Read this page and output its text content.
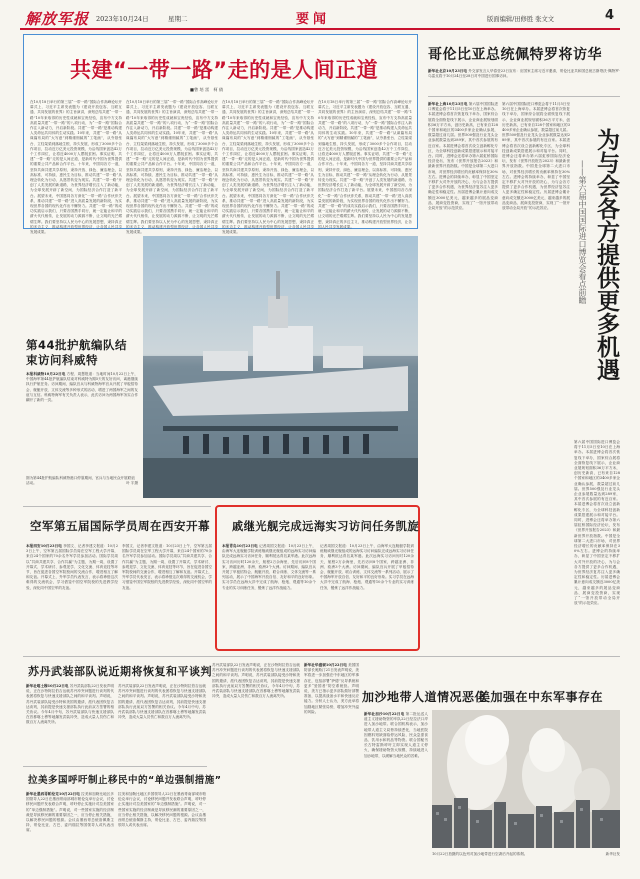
解放军报 2023年10月24日	星期二	要闻	版面编辑/田修胜 张文文	4
共建“一带一路”走的是人间正道
■曾 培 雷　柯 倩
在10月18日举行的第三届“一带一路”国际合作高峰论坛开幕式上，习近平主席发表题为《建设开放包容、互联互通、共同发展的世界》的主旨演讲，深刻总结共建“一带一路”10年来取得的历史性成就和宝贵经验，宣布中方支持高质量共建“一带一路”的八项行动，为“一带一路”国际合作注入新动力，开启新阶段。共建“一带一路”是推动构建人类命运共同体的生动实践。10年来，共建“一带一路”从谋篇布局的“大写意”到精谨细腻的“工笔画”，从夯基垒台、立柱架梁到落地生根、持久发展，形成了3000多个合作项目，拉动近万亿美元投资规模，为沿线国家创造42万个工作岗位，让将近4000万人摆脱贫困。事实证明，共建“一带一路”走的是人间正道，是新时代中国为世界提供的重要公共产品和合作平台。十年来，中国同各方一道，坚持共商共建共享原则，秉持开放、绿色、廉洁理念，以高标准、可持续、惠民生为目标，推动共建“一带一路”从理念转化为行动、从愿景转变为现实。共建“一带一路”开创了人类发展的新道路，为世界经济增长注入了新动能，为全球发展开辟了新空间，为国际经济合作打造了新平台。展望未来，中国愿同各方深化“一带一路”合作伙伴关系，推动共建“一带一路”进入高质量发展的新阶段，为实现世界各国的现代化作出不懈努力。共建“一带一路”的成功实践启示我们，只要各国携手同行，就一定能让和平的薪火代代相传，让发展的动力源源不断，让文明的光芒熠熠生辉。我们要坚持以人民为中心的发展思想，秉持真正的多边主义，推动构建开放型世界经济，让各国人民共享发展成果。
在10月18日举行的第三届“一带一路”国际合作高峰论坛开幕式上，习近平主席发表题为《建设开放包容、互联互通、共同发展的世界》的主旨演讲，深刻总结共建“一带一路”10年来取得的历史性成就和宝贵经验，宣布中方支持高质量共建“一带一路”的八项行动，为“一带一路”国际合作注入新动力，开启新阶段。共建“一带一路”是推动构建人类命运共同体的生动实践。10年来，共建“一带一路”从谋篇布局的“大写意”到精谨细腻的“工笔画”，从夯基垒台、立柱架梁到落地生根、持久发展，形成了3000多个合作项目，拉动近万亿美元投资规模，为沿线国家创造42万个工作岗位，让将近4000万人摆脱贫困。事实证明，共建“一带一路”走的是人间正道，是新时代中国为世界提供的重要公共产品和合作平台。十年来，中国同各方一道，坚持共商共建共享原则，秉持开放、绿色、廉洁理念，以高标准、可持续、惠民生为目标，推动共建“一带一路”从理念转化为行动、从愿景转变为现实。共建“一带一路”开创了人类发展的新道路，为世界经济增长注入了新动能，为全球发展开辟了新空间，为国际经济合作打造了新平台。展望未来，中国愿同各方深化“一带一路”合作伙伴关系，推动共建“一带一路”进入高质量发展的新阶段，为实现世界各国的现代化作出不懈努力。共建“一带一路”的成功实践启示我们，只要各国携手同行，就一定能让和平的薪火代代相传，让发展的动力源源不断，让文明的光芒熠熠生辉。我们要坚持以人民为中心的发展思想，秉持真正的多边主义，推动构建开放型世界经济，让各国人民共享发展成果。
在10月18日举行的第三届“一带一路”国际合作高峰论坛开幕式上，习近平主席发表题为《建设开放包容、互联互通、共同发展的世界》的主旨演讲，深刻总结共建“一带一路”10年来取得的历史性成就和宝贵经验，宣布中方支持高质量共建“一带一路”的八项行动，为“一带一路”国际合作注入新动力，开启新阶段。共建“一带一路”是推动构建人类命运共同体的生动实践。10年来，共建“一带一路”从谋篇布局的“大写意”到精谨细腻的“工笔画”，从夯基垒台、立柱架梁到落地生根、持久发展，形成了3000多个合作项目，拉动近万亿美元投资规模，为沿线国家创造42万个工作岗位，让将近4000万人摆脱贫困。事实证明，共建“一带一路”走的是人间正道，是新时代中国为世界提供的重要公共产品和合作平台。十年来，中国同各方一道，坚持共商共建共享原则，秉持开放、绿色、廉洁理念，以高标准、可持续、惠民生为目标，推动共建“一带一路”从理念转化为行动、从愿景转变为现实。共建“一带一路”开创了人类发展的新道路，为世界经济增长注入了新动能，为全球发展开辟了新空间，为国际经济合作打造了新平台。展望未来，中国愿同各方深化“一带一路”合作伙伴关系，推动共建“一带一路”进入高质量发展的新阶段，为实现世界各国的现代化作出不懈努力。共建“一带一路”的成功实践启示我们，只要各国携手同行，就一定能让和平的薪火代代相传，让发展的动力源源不断，让文明的光芒熠熠生辉。我们要坚持以人民为中心的发展思想，秉持真正的多边主义，推动构建开放型世界经济，让各国人民共享发展成果。
在10月18日举行的第三届“一带一路”国际合作高峰论坛开幕式上，习近平主席发表题为《建设开放包容、互联互通、共同发展的世界》的主旨演讲，深刻总结共建“一带一路”10年来取得的历史性成就和宝贵经验，宣布中方支持高质量共建“一带一路”的八项行动，为“一带一路”国际合作注入新动力，开启新阶段。共建“一带一路”是推动构建人类命运共同体的生动实践。10年来，共建“一带一路”从谋篇布局的“大写意”到精谨细腻的“工笔画”，从夯基垒台、立柱架梁到落地生根、持久发展，形成了3000多个合作项目，拉动近万亿美元投资规模，为沿线国家创造42万个工作岗位，让将近4000万人摆脱贫困。事实证明，共建“一带一路”走的是人间正道，是新时代中国为世界提供的重要公共产品和合作平台。十年来，中国同各方一道，坚持共商共建共享原则，秉持开放、绿色、廉洁理念，以高标准、可持续、惠民生为目标，推动共建“一带一路”从理念转化为行动、从愿景转变为现实。共建“一带一路”开创了人类发展的新道路，为世界经济增长注入了新动能，为全球发展开辟了新空间，为国际经济合作打造了新平台。展望未来，中国愿同各方深化“一带一路”合作伙伴关系，推动共建“一带一路”进入高质量发展的新阶段，为实现世界各国的现代化作出不懈努力。共建“一带一路”的成功实践启示我们，只要各国携手同行，就一定能让和平的薪火代代相传，让发展的动力源源不断，让文明的光芒熠熠生辉。我们要坚持以人民为中心的发展思想，秉持真正的多边主义，推动构建开放型世界经济，让各国人民共享发展成果。
哥伦比亚总统佩特罗将访华
新华社北京10月23日电 外交部发言人华春莹23日宣布：应国家主席习近平邀请，哥伦比亚共和国总统古斯塔沃·佩特罗·乌雷戈将于10月24日至28日对中国进行国事访问。
为与会各方提供更多机遇
——第六届中国国际进口博览会看点前瞻
新华社上海10月23日电 第六届中国国际进口博览会将于11月5日至10日在上海举办。本届进博会将首次恢复线下举办，国家综合展将全面恢复线下展示，企业商业展规划面积36万平方米，创历史新高，已有来自128个国家和地区的3400多家企业确认参展，数量超过前几届。世界500强及行业龙头企业参展数量达到289家，其中首次参展的有近百家。本届进博会将首次设立创新孵化专区，为全球科技创新成果搭建展示和对接平台。同时，进博会还将举办第六届虹桥国际经济论坛，发布《世界开放报告2023》和最新世界开放指数。中国是全球第二大进口市场，对世界经济增长的贡献率保持在30%左右。进博会的持续举办，彰显了中国坚定不移扩大对外开放的决心，为与会各方提供了更多合作机遇，为世界经济复苏注入更多确定性和稳定性。历届进博会累计意向成交额近3000亿美元，越来越多的展品变商品、展商变投资商，实现了“一馆开放带动全局开放”的示范效应。
第六届中国国际进口博览会将于11月5日至10日在上海举办。本届进博会将首次恢复线下举办，国家综合展将全面恢复线下展示，企业商业展规划面积36万平方米，创历史新高，已有来自128个国家和地区的3400多家企业确认参展，数量超过前几届。世界500强及行业龙头企业参展数量达到289家，其中首次参展的有近百家。本届进博会将首次设立创新孵化专区，为全球科技创新成果搭建展示和对接平台。同时，进博会还将举办第六届虹桥国际经济论坛，发布《世界开放报告2023》和最新世界开放指数。中国是全球第二大进口市场，对世界经济增长的贡献率保持在30%左右。进博会的持续举办，彰显了中国坚定不移扩大对外开放的决心，为与会各方提供了更多合作机遇，为世界经济复苏注入更多确定性和稳定性。历届进博会累计意向成交额近3000亿美元，越来越多的展品变商品、展商变投资商，实现了“一馆开放带动全局开放”的示范效应。
第六届中国国际进口博览会将于11月5日至10日在上海举办。本届进博会将首次恢复线下举办，国家综合展将全面恢复线下展示，企业商业展规划面积36万平方米，创历史新高，已有来自128个国家和地区的3400多家企业确认参展，数量超过前几届。世界500强及行业龙头企业参展数量达到289家，其中首次参展的有近百家。本届进博会将首次设立创新孵化专区，为全球科技创新成果搭建展示和对接平台。同时，进博会还将举办第六届虹桥国际经济论坛，发布《世界开放报告2023》和最新世界开放指数。中国是全球第二大进口市场，对世界经济增长的贡献率保持在30%左右。进博会的持续举办，彰显了中国坚定不移扩大对外开放的决心，为与会各方提供了更多合作机遇，为世界经济复苏注入更多确定性和稳定性。历届进博会累计意向成交额近3000亿美元，越来越多的展品变商品、展商变投资商，实现了“一馆开放带动全局开放”的示范效应。
第44批护航编队结束访问科威特
本报科威特10月22日电 方程、周慧报道：当地时间10月22日上午，中国海军第44批护航编队结束对科威特为期5天的友好访问，离港继续执行护航任务。访问期间，编队官兵与科威特海军官兵开展了甲板招待会、舰艇开放、文体交流等多种形式的活动，增进了两国海军之间的友谊与互信。科威特海军有关负责人表示，此次访问为两国海军务实合作翻开了新的一页。
图为第44批护航编队科威特港口停靠期间，官兵与当地民众开展联谊活动。	叶 宇摄
空军第五届国际学员周在西安开幕
本报西安10月23日电 李国文、记者李建文报道：10月23日上午，空军第五届国际学员周在空军工程大学开幕，来自24个国家的70余名外军学员参加活动。国际学员周以“共商共建共享、合作共赢”为主题，为期一周，设置了开幕式、学术研讨、参观见学、文化交流、体育竞技等环节，旨在促进各国空军院校间的交流合作，增进相互了解和友谊。开幕式上，外军学员代表发言，表示将珍惜这次难得的交流机会，学习借鉴中国空军院校的先进教学经验，深化同中国空军的友谊。
李国文、记者李建文报道：10月23日上午，空军第五届国际学员周在空军工程大学开幕，来自24个国家的70余名外军学员参加活动。国际学员周以“共商共建共享、合作共赢”为主题，为期一周，设置了开幕式、学术研讨、参观见学、文化交流、体育竞技等环节，旨在促进各国空军院校间的交流合作，增进相互了解和友谊。开幕式上，外军学员代表发言，表示将珍惜这次难得的交流机会，学习借鉴中国空军院校的先进教学经验，深化同中国空军的友谊。
戚继光舰完成远海实习访问任务凯旋
本报青岛10月23日电 记者周国文报道：10月23日上午，由海军大连舰艇学院训练舰戚继光舰组成的远海实习访问编队完成远海实习访问任务，顺利抵达青岛某军港。此次远海实习访问历时120余天，航程2万余海里，先后访问8个国家，跨越亚洲、非洲、欧洲3个大洲。访问期间，编队官兵开展了甲板招待会、舰艇开放、联合训练、文体交流等一系列活动，展示了中国海军开放自信、友好和平的良好形象。实习学员在远海大洋中完成了航海、枪炮、观通等10余个专业的实习训练任务，锻炼了远洋作战能力。
记者周国文报道：10月23日上午，由海军大连舰艇学院训练舰戚继光舰组成的远海实习访问编队完成远海实习访问任务，顺利抵达青岛某军港。此次远海实习访问历时120余天，航程2万余海里，先后访问8个国家，跨越亚洲、非洲、欧洲3个大洲。访问期间，编队官兵开展了甲板招待会、舰艇开放、联合训练、文体交流等一系列活动，展示了中国海军开放自信、友好和平的良好形象。实习学员在远海大洋中完成了航海、枪炮、观通等10余个专业的实习训练任务，锻炼了远洋作战能力。
苏丹武装部队说近期将恢复和平谈判
新华社喀土穆10月22日电 苏丹武装部队22日发表声明说，正在沙特阿拉伯吉达就苏丹冲突问题进行谈判的代表团将恢复与快速支援部队之间的和平谈判。声明说，苏丹武装部队接受沙特和美国的邀请，派代表团恢复吉达谈判，其前提是快速支援部队执行此前双方签署的相关协议。今年4月中旬，苏丹武装部队与快速支援部队在首都喀土穆等地爆发武装冲突，造成大量人员伤亡和数百万人流离失所。
苏丹武装部队22日发表声明说，正在沙特阿拉伯吉达就苏丹冲突问题进行谈判的代表团将恢复与快速支援部队之间的和平谈判。声明说，苏丹武装部队接受沙特和美国的邀请，派代表团恢复吉达谈判，其前提是快速支援部队执行此前双方签署的相关协议。今年4月中旬，苏丹武装部队与快速支援部队在首都喀土穆等地爆发武装冲突，造成大量人员伤亡和数百万人流离失所。
苏丹武装部队22日发表声明说，正在沙特阿拉伯吉达就苏丹冲突问题进行谈判的代表团将恢复与快速支援部队之间的和平谈判。声明说，苏丹武装部队接受沙特和美国的邀请，派代表团恢复吉达谈判，其前提是快速支援部队执行此前双方签署的相关协议。今年4月中旬，苏丹武装部队与快速支援部队在首都喀土穆等地爆发武装冲突，造成大量人员伤亡和数百万人流离失所。
拉美多国呼吁制止移民中的“单边强制措施”
新华社墨西哥帕伦克10月22日电 拉美和加勒比地区多国领导人22日在墨西哥南部城市帕伦克举行会议，讨论移民问题并发表联合声明，呼吁停止实施针对拉美国家的“单边强制措施”。声明说，对一些国家实施的经济制裁是导致移民潮的重要原因之一，应当停止相关措施，以解决移民问题的根源。会议由墨西哥总统洛佩斯主持，哥伦比亚、古巴、委内瑞拉等国领导人或代表出席。
拉美和加勒比地区多国领导人22日在墨西哥南部城市帕伦克举行会议，讨论移民问题并发表联合声明，呼吁停止实施针对拉美国家的“单边强制措施”。声明说，对一些国家实施的经济制裁是导致移民潮的重要原因之一，应当停止相关措施，以解决移民问题的根源。会议由墨西哥总统洛佩斯主持，哥伦比亚、古巴、委内瑞拉等国领导人或代表出席。
新华社华盛顿10月22日电 美国国防部长奥斯汀21日发表声明说，美军将进一步加强在中东地区的军事存在，包括部署“萨德”反导系统和更多“爱国者”防空系统营。声明说，美方已指示更多部队做好部署准备，以提高战备水平和快速反应能力。分析人士认为，美方此举将加剧地区紧张局势，增加冲突外溢的风险。
加沙地带人道情况恶化
新华社加沙10月22日电 第二批运送人道主义援助物资的车队22日经拉法口岸进入加沙地带。联合国机构表示，加沙地带人道主义局势持续恶化，当地医院因燃料短缺面临停运风险，民众急需食品、饮用水和药品等物资。联合国秘书长古特雷斯呼吁立即实现人道主义停火，确保援助物资大规模、持续地进入加沙地带，以缓解当地民众的苦难。
美加强在中东军事存在
10月22日拍摄的以色列对加沙地带进行空袭后升起的浓烟。	新华社发
